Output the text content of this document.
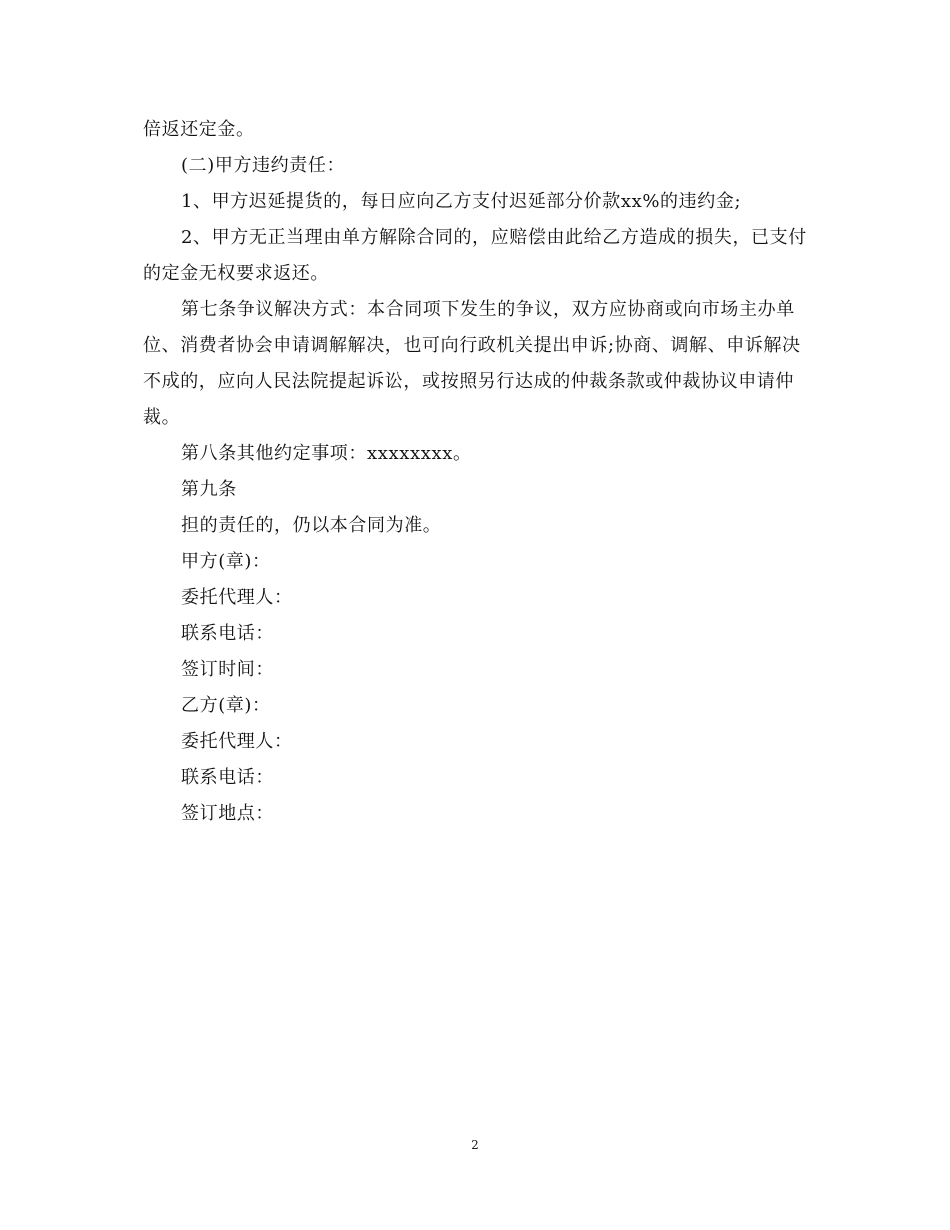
倍返还定金。

(二)甲方违约责任：

1、甲方迟延提货的，每日应向乙方支付迟延部分价款xx%的违约金;

2、甲方无正当理由单方解除合同的，应赔偿由此给乙方造成的损失，已支付的定金无权要求返还。

第七条争议解决方式：本合同项下发生的争议，双方应协商或向市场主办单位、消费者协会申请调解解决，也可向行政机关提出申诉;协商、调解、申诉解决不成的，应向人民法院提起诉讼，或按照另行达成的仲裁条款或仲裁协议申请仲裁。

第八条其他约定事项：xxxxxxxx。

第九条

担的责任的，仍以本合同为准。

甲方(章)：

委托代理人：

联系电话：

签订时间：

乙方(章)：

委托代理人：

联系电话：

签订地点：

2
